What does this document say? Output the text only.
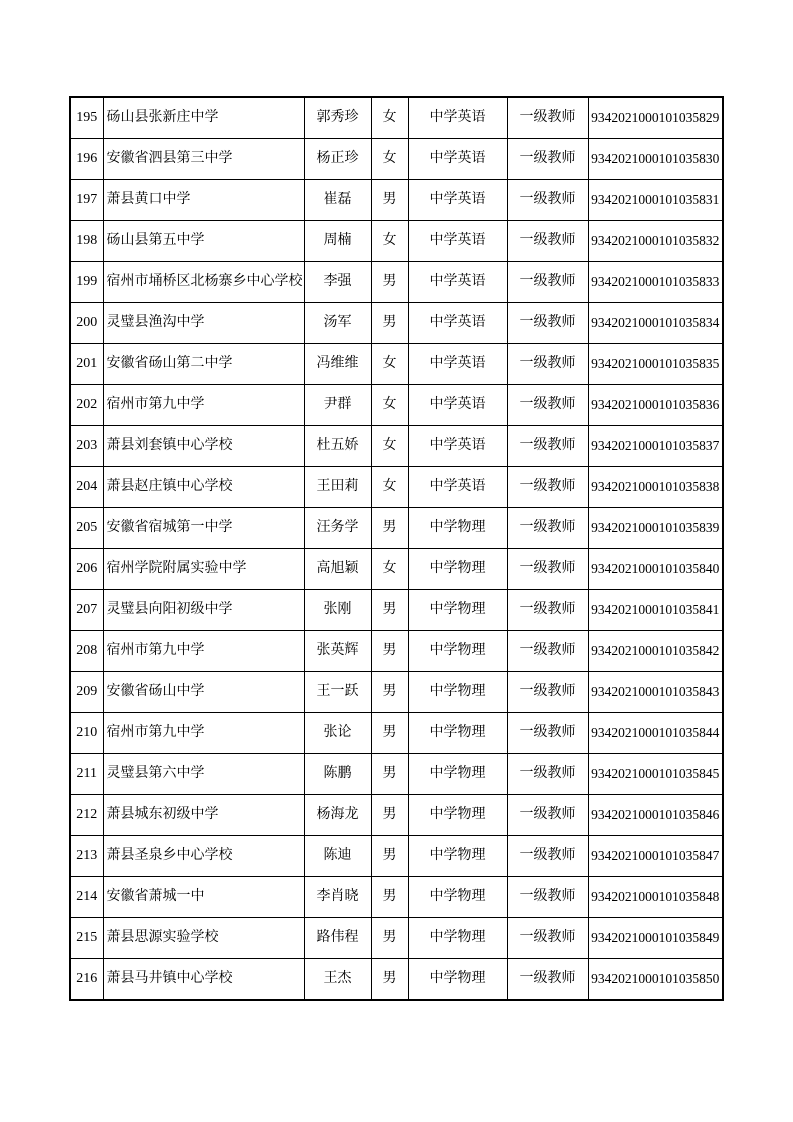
195	砀山县张新庄中学	郭秀珍	女	中学英语	一级教师	9342021000101035829
196	安徽省泗县第三中学	杨正珍	女	中学英语	一级教师	9342021000101035830
197	萧县黄口中学	崔磊	男	中学英语	一级教师	9342021000101035831
198	砀山县第五中学	周楠	女	中学英语	一级教师	9342021000101035832
199	宿州市埇桥区北杨寨乡中心学校	李强	男	中学英语	一级教师	9342021000101035833
200	灵璧县渔沟中学	汤军	男	中学英语	一级教师	9342021000101035834
201	安徽省砀山第二中学	冯维维	女	中学英语	一级教师	9342021000101035835
202	宿州市第九中学	尹群	女	中学英语	一级教师	9342021000101035836
203	萧县刘套镇中心学校	杜五娇	女	中学英语	一级教师	9342021000101035837
204	萧县赵庄镇中心学校	王田莉	女	中学英语	一级教师	9342021000101035838
205	安徽省宿城第一中学	汪务学	男	中学物理	一级教师	9342021000101035839
206	宿州学院附属实验中学	高旭颖	女	中学物理	一级教师	9342021000101035840
207	灵璧县向阳初级中学	张刚	男	中学物理	一级教师	9342021000101035841
208	宿州市第九中学	张英辉	男	中学物理	一级教师	9342021000101035842
209	安徽省砀山中学	王一跃	男	中学物理	一级教师	9342021000101035843
210	宿州市第九中学	张论	男	中学物理	一级教师	9342021000101035844
211	灵璧县第六中学	陈鹏	男	中学物理	一级教师	9342021000101035845
212	萧县城东初级中学	杨海龙	男	中学物理	一级教师	9342021000101035846
213	萧县圣泉乡中心学校	陈迪	男	中学物理	一级教师	9342021000101035847
214	安徽省萧城一中	李肖晓	男	中学物理	一级教师	9342021000101035848
215	萧县思源实验学校	路伟程	男	中学物理	一级教师	9342021000101035849
216	萧县马井镇中心学校	王杰	男	中学物理	一级教师	9342021000101035850
